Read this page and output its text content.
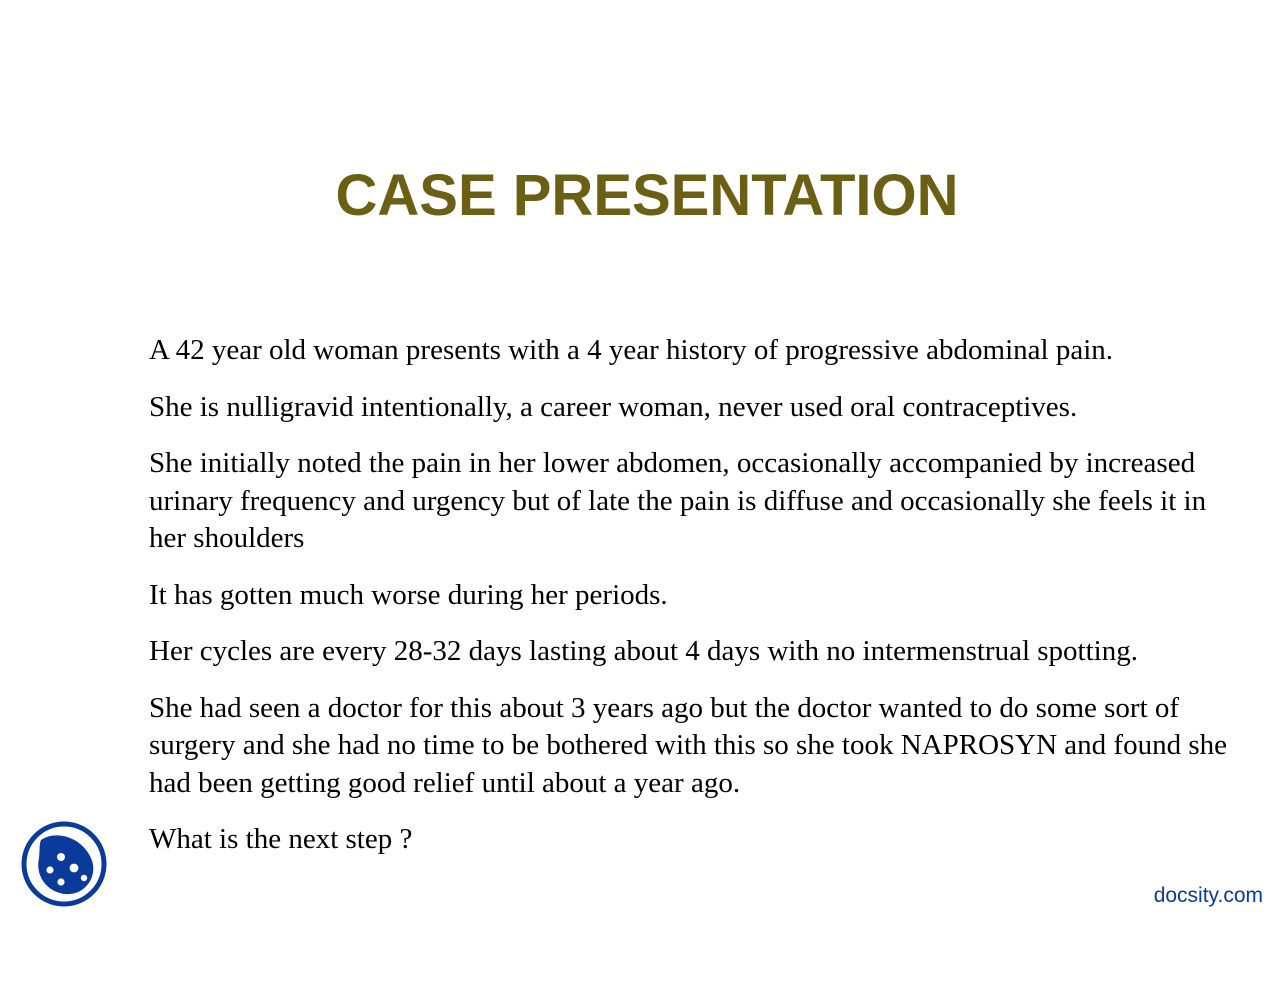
CASE PRESENTATION

A 42 year old woman presents with a 4 year history of progressive abdominal pain.

She is nulligravid intentionally, a career woman, never used oral contraceptives.

She initially noted the pain in her lower abdomen, occasionally accompanied by increased urinary frequency and urgency but of late the pain is diffuse and occasionally she feels it in her shoulders

It has gotten much worse during her periods.

Her cycles are every 28-32 days lasting about 4 days with no intermenstrual spotting.

She had seen a doctor for this about 3 years ago but the doctor wanted to do some sort of surgery and she had no time to be bothered with this so she took NAPROSYN and found she had been getting good relief until about a year ago.

What is the next step ?

docsity.com
